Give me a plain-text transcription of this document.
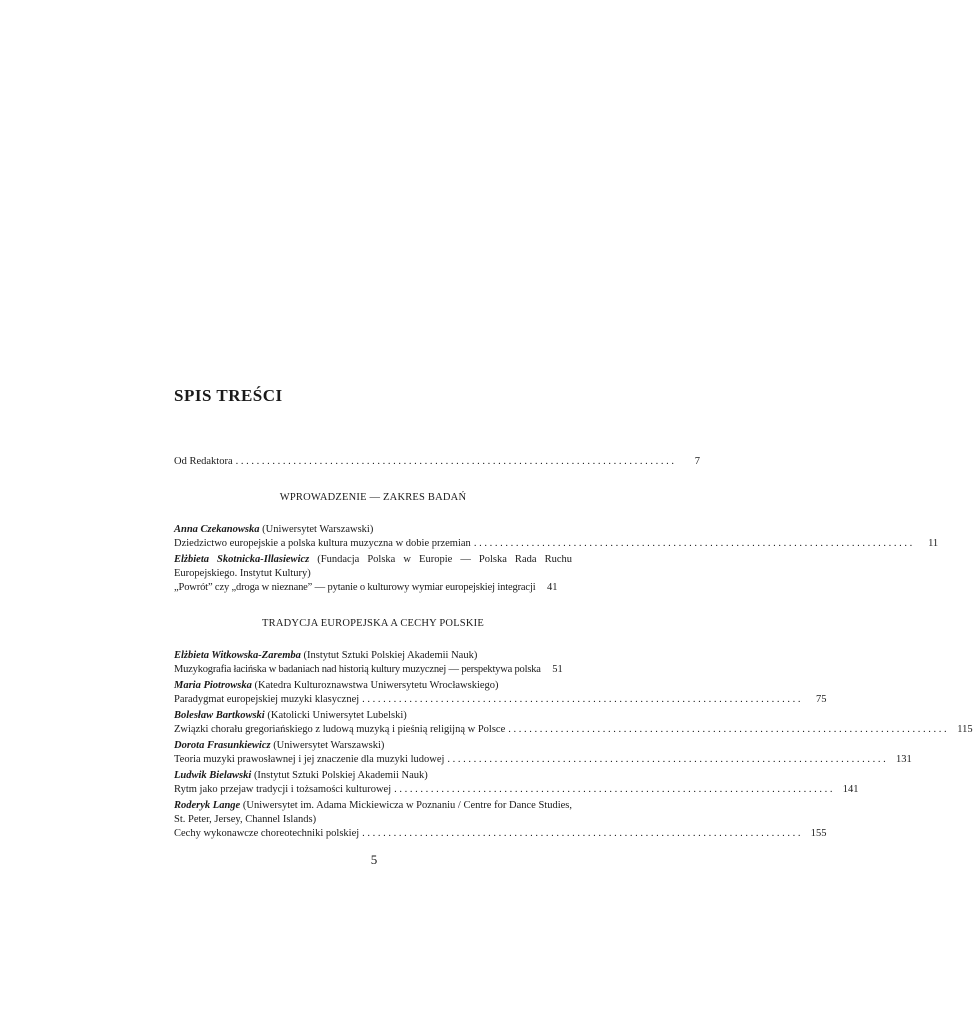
SPIS TREŚCI
Od Redaktora . . .	7
WPROWADZENIE — ZAKRES BADAŃ
Anna Czekanowska (Uniwersytet Warszawski)
Dziedzictwo europejskie a polska kultura muzyczna w dobie przemian . . .	11
Elżbieta Skotnicka-Illasiewicz (Fundacja Polska w Europie — Polska Rada Ruchu Europejskiego. Instytut Kultury)
„Powrót” czy „droga w nieznane” — pytanie o kulturowy wymiar europejskiej integracji	41
TRADYCJA EUROPEJSKA A CECHY POLSKIE
Elżbieta Witkowska-Zaremba (Instytut Sztuki Polskiej Akademii Nauk)
Muzykografia łacińska w badaniach nad historią kultury muzycznej — perspektywa polska	51
Maria Piotrowska (Katedra Kulturoznawstwa Uniwersytetu Wrocławskiego)
Paradygmat europejskiej muzyki klasycznej . . .	75
Bolesław Bartkowski (Katolicki Uniwersytet Lubelski)
Związki chorału gregoriańskiego z ludową muzyką i pieśnią religijną w Polsce . . .	115
Dorota Frasunkiewicz (Uniwersytet Warszawski)
Teoria muzyki prawosławnej i jej znaczenie dla muzyki ludowej . . .	131
Ludwik Bielawski (Instytut Sztuki Polskiej Akademii Nauk)
Rytm jako przejaw tradycji i tożsamości kulturowej . . .	141
Roderyk Lange (Uniwersytet im. Adama Mickiewicza w Poznaniu / Centre for Dance Studies, St. Peter, Jersey, Channel Islands)
Cechy wykonawcze choreotechniki polskiej . . .	155
5
